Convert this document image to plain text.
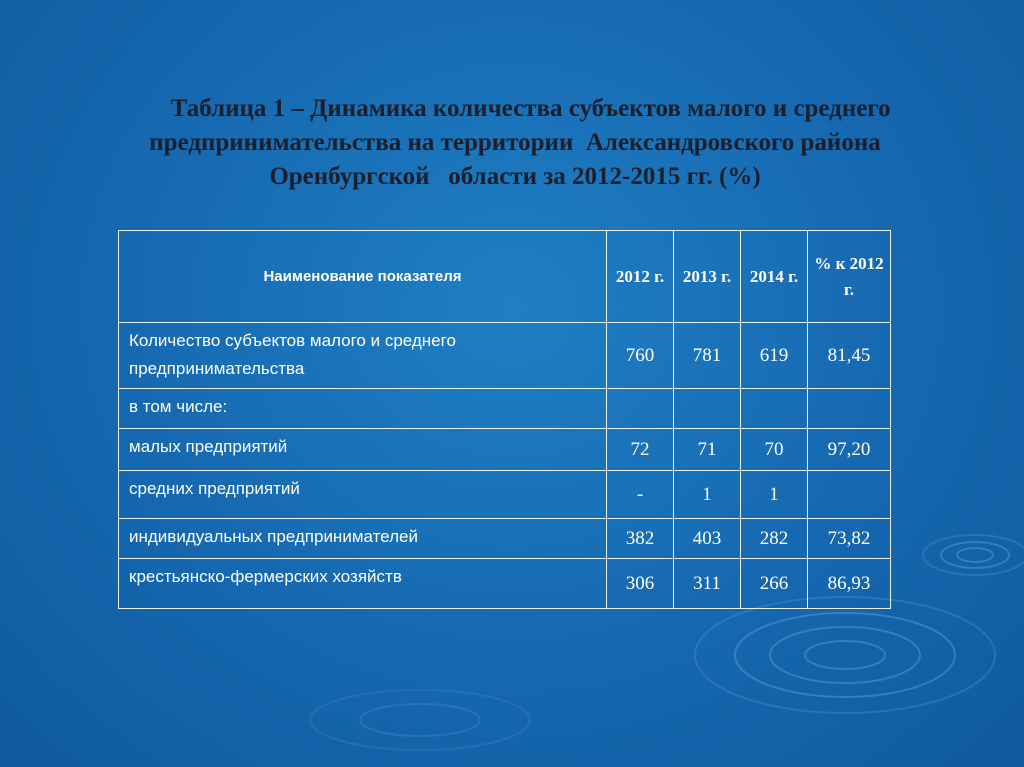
Таблица 1 – Динамика количества субъектов малого и среднего предпринимательства на территории  Александровского района Оренбургской   области за 2012-2015 гг. (%)
Наименование показателя	2012 г.	2013 г.	2014 г.	% к 2012 г.

Количество субъектов малого и среднего предпринимательства	760	781	619	81,45
в том числе:				
малых предприятий	72	71	70	97,20
средних предприятий	-	1	1	
индивидуальных предпринимателей	382	403	282	73,82
крестьянско-фермерских хозяйств	306	311	266	86,93
